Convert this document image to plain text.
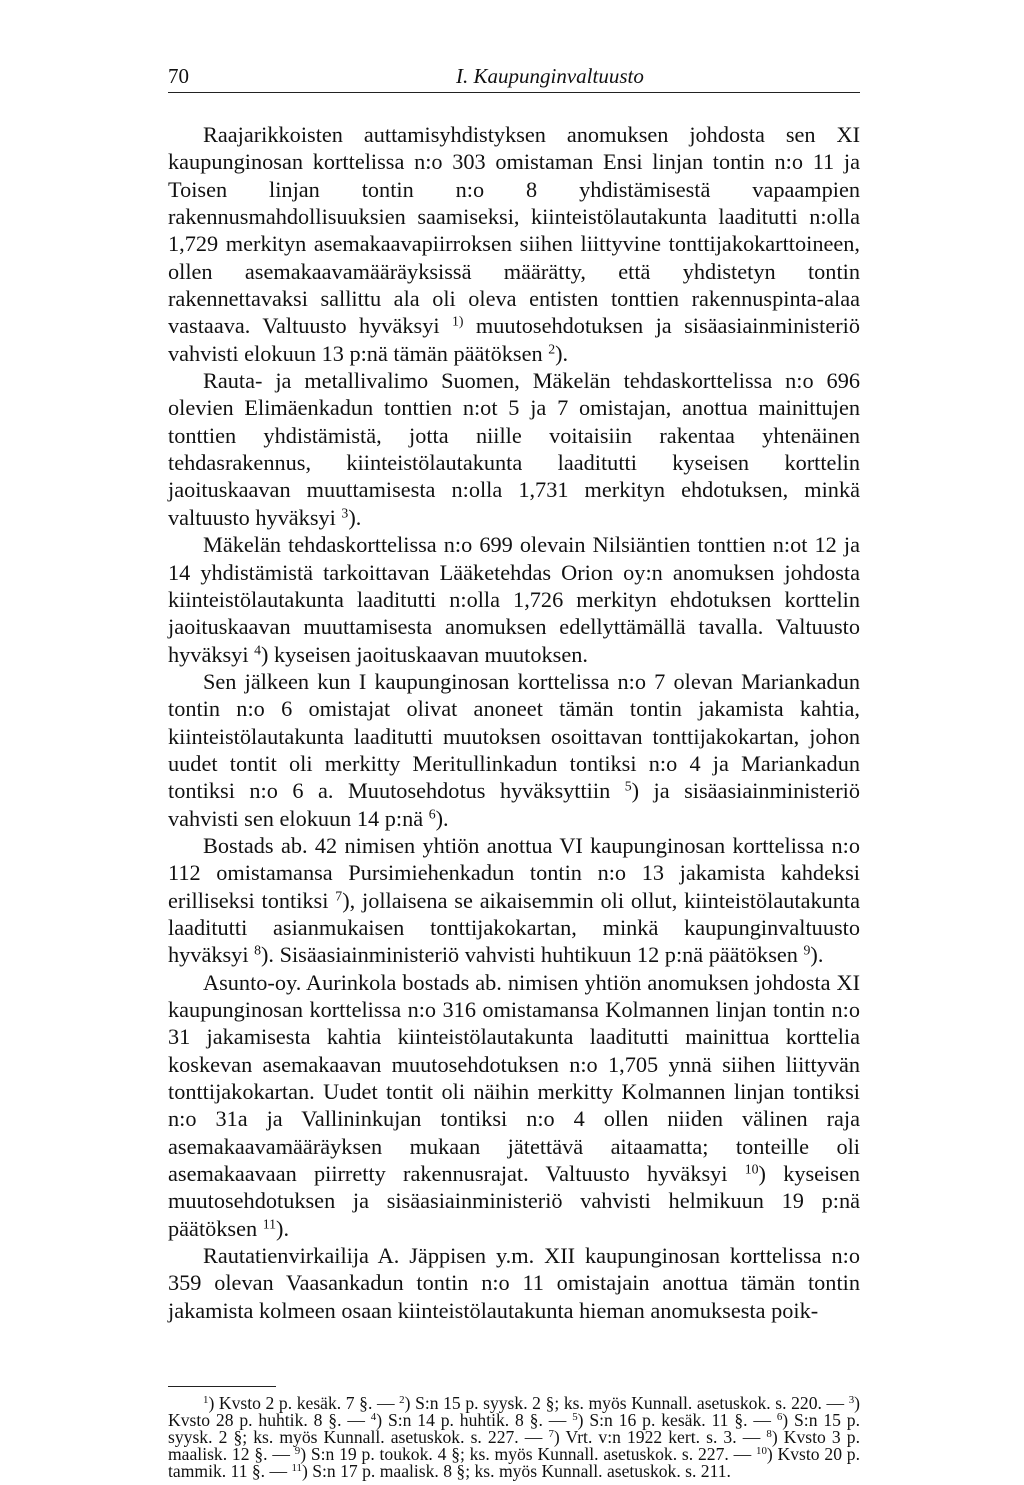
70	I. Kaupunginvaltuusto

Raajarikkoisten auttamisyhdistyksen anomuksen johdosta sen XI kaupunginosan korttelissa n:o 303 omistaman Ensi linjan tontin n:o 11 ja Toisen linjan tontin n:o 8 yhdistämisestä vapaampien rakennusmahdollisuuksien saamiseksi, kiinteistölautakunta laaditutti n:olla 1,729 merkityn asemakaavapiirroksen siihen liittyvine tonttijakokarttoineen, ollen asemakaavamääräyksissä määrätty, että yhdistetyn tontin rakennettavaksi sallittu ala oli oleva entisten tonttien rakennuspinta-alaa vastaava. Valtuusto hyväksyi $^{1)}$ muutosehdotuksen ja sisäasiainministeriö vahvisti elokuun 13 p:nä tämän päätöksen $^2$).

Rauta- ja metallivalimo Suomen, Mäkelän tehdaskorttelissa n:o 696 olevien Elimäenkadun tonttien n:ot 5 ja 7 omistajan, anottua mainittujen tonttien yhdistämistä, jotta niille voitaisiin rakentaa yhtenäinen tehdasrakennus, kiinteistölautakunta laaditutti kyseisen korttelin jaoituskaavan muuttamisesta n:olla 1,731 merkityn ehdotuksen, minkä valtuusto hyväksyi $^3$).

Mäkelän tehdaskorttelissa n:o 699 olevain Nilsiäntien tonttien n:ot 12 ja 14 yhdistämistä tarkoittavan Lääketehdas Orion oy:n anomuksen johdosta kiinteistölautakunta laaditutti n:olla 1,726 merkityn ehdotuksen korttelin jaoituskaavan muuttamisesta anomuksen edellyttämällä tavalla. Valtuusto hyväksyi $^4$) kyseisen jaoituskaavan muutoksen.

Sen jälkeen kun I kaupunginosan korttelissa n:o 7 olevan Mariankadun tontin n:o 6 omistajat olivat anoneet tämän tontin jakamista kahtia, kiinteistölautakunta laaditutti muutoksen osoittavan tonttijakokartan, johon uudet tontit oli merkitty Meritullinkadun tontiksi n:o 4 ja Mariankadun tontiksi n:o 6 a. Muutosehdotus hyväksyttiin $^5$) ja sisäasiainministeriö vahvisti sen elokuun 14 p:nä $^6$).

Bostads ab. 42 nimisen yhtiön anottua VI kaupunginosan korttelissa n:o 112 omistamansa Pursimiehenkadun tontin n:o 13 jakamista kahdeksi erilliseksi tontiksi $^7$), jollaisena se aikaisemmin oli ollut, kiinteistölautakunta laaditutti asianmukaisen tonttijakokartan, minkä kaupunginvaltuusto hyväksyi $^8$). Sisäasiainministeriö vahvisti huhtikuun 12 p:nä päätöksen $^9$).

Asunto-oy. Aurinkola bostads ab. nimisen yhtiön anomuksen johdosta XI kaupunginosan korttelissa n:o 316 omistamansa Kolmannen linjan tontin n:o 31 jakamisesta kahtia kiinteistölautakunta laaditutti mainittua korttelia koskevan asemakaavan muutosehdotuksen n:o 1,705 ynnä siihen liittyvän tonttijakokartan. Uudet tontit oli näihin merkitty Kolmannen linjan tontiksi n:o 31a ja Vallininkujan tontiksi n:o 4 ollen niiden välinen raja asemakaavamääräyksen mukaan jätettävä aitaamatta; tonteille oli asemakaavaan piirretty rakennusrajat. Valtuusto hyväksyi $^{10}$) kyseisen muutosehdotuksen ja sisäasiainministeriö vahvisti helmikuun 19 p:nä päätöksen $^{11}$).

Rautatienvirkailija A. Jäppisen y.m. XII kaupunginosan korttelissa n:o 359 olevan Vaasankadun tontin n:o 11 omistajain anottua tämän tontin jakamista kolmeen osaan kiinteistölautakunta hieman anomuksesta poik-

$^1$) Kvsto 2 p. kesäk. 7 §. — $^2$) S:n 15 p. syysk. 2 §; ks. myös Kunnall. asetuskok. s. 220. — $^3$) Kvsto 28 p. huhtik. 8 §. — $^4$) S:n 14 p. huhtik. 8 §. — $^5$) S:n 16 p. kesäk. 11 §. — $^6$) S:n 15 p. syysk. 2 §; ks. myös Kunnall. asetuskok. s. 227. — $^7$) Vrt. v:n 1922 kert. s. 3. — $^8$) Kvsto 3 p. maalisk. 12 §. — $^9$) S:n 19 p. toukok. 4 §; ks. myös Kunnall. asetuskok. s. 227. — $^{10}$) Kvsto 20 p. tammik. 11 §. — $^{11}$) S:n 17 p. maalisk. 8 §; ks. myös Kunnall. asetuskok. s. 211.
